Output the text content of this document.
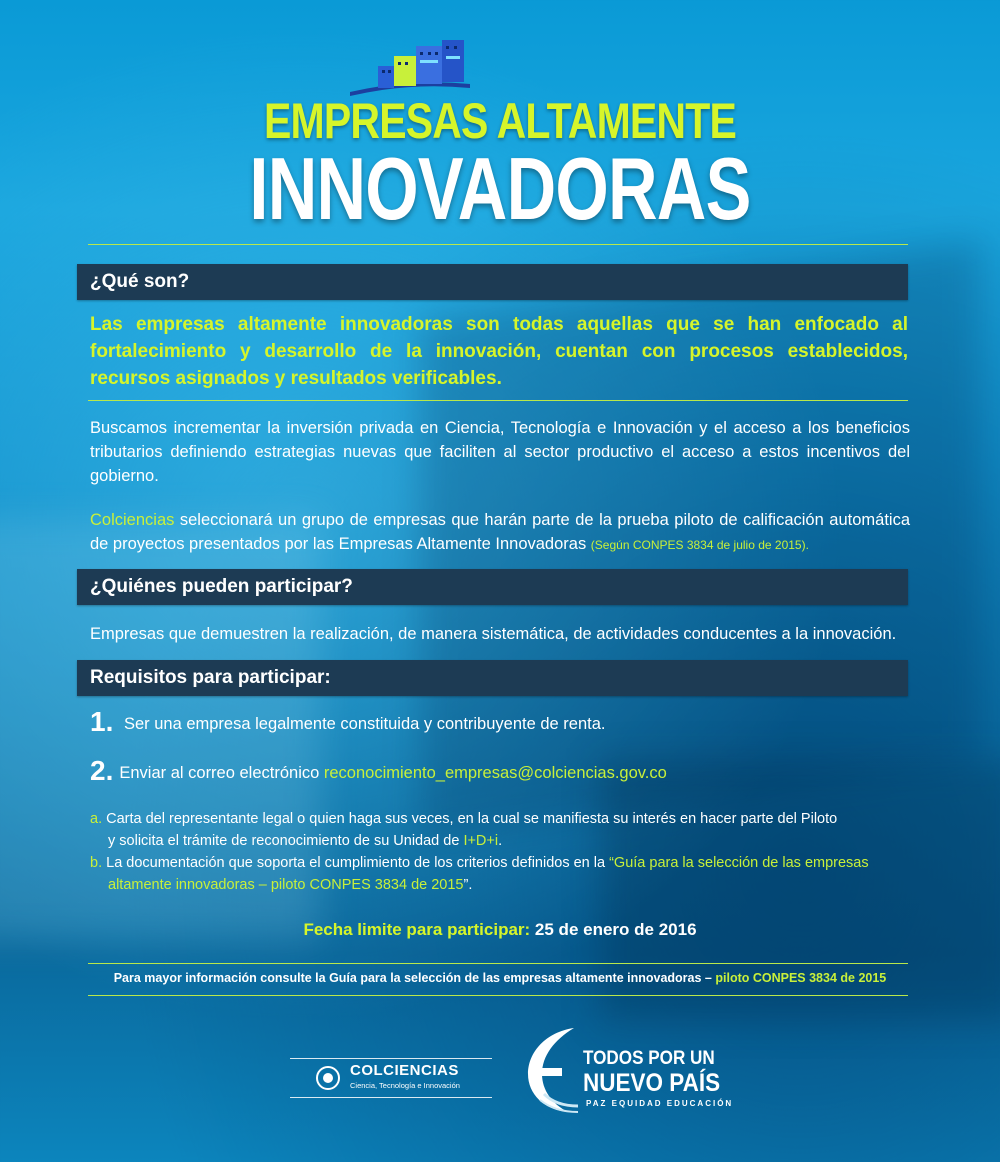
EMPRESAS ALTAMENTE
INNOVADORAS
¿Qué son?
Las empresas altamente innovadoras son todas aquellas que se han enfocado al fortalecimiento y desarrollo de la innovación, cuentan con procesos establecidos, recursos asignados y resultados verificables.
Buscamos incrementar la inversión privada en Ciencia, Tecnología e Innovación y el acceso a los beneficios tributarios definiendo estrategias nuevas que faciliten al sector productivo el acceso a estos incentivos del gobierno.
Colciencias seleccionará un grupo de empresas que harán parte de la prueba piloto de calificación automática de proyectos presentados por las Empresas Altamente Innovadoras (Según CONPES 3834 de julio de 2015).
¿Quiénes pueden participar?
Empresas que demuestren la realización, de manera sistemática, de actividades conducentes a la innovación.
Requisitos para participar:
1. Ser una empresa legalmente constituida y contribuyente de renta.
2. Enviar al correo electrónico reconocimiento_empresas@colciencias.gov.co
a. Carta del representante legal o quien haga sus veces, en la cual se manifiesta su interés en hacer parte del Piloto
y solicita el trámite de reconocimiento de su Unidad de I+D+i.
b. La documentación que soporta el cumplimiento de los criterios definidos en la “Guía para la selección de las empresas
altamente innovadoras – piloto CONPES 3834 de 2015”.
Fecha limite para participar: 25 de enero de 2016
Para mayor información consulte la Guía para la selección de las empresas altamente innovadoras – piloto CONPES 3834 de 2015
COLCIENCIAS
Ciencia, Tecnología e Innovación
TODOS POR UN
NUEVO PAÍS
PAZ EQUIDAD EDUCACIÓN
